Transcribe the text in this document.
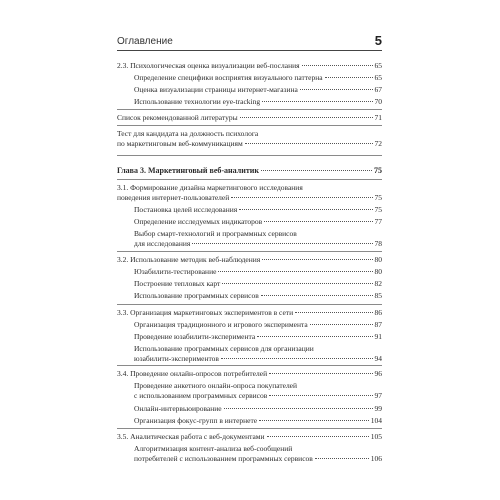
Оглавление	5
2.3. Психологическая оценка визуализации веб-послания	65
Определение специфики восприятия визуального паттерна	65
Оценка визуализации страницы интернет-магазина	67
Использование технологии eye-tracking	70
Список рекомендованной литературы	71
Тест для кандидата на должность психолога
по маркетинговым веб-коммуникациям	72
Глава 3. Маркетинговый веб-аналитик	75
3.1. Формирование дизайна маркетингового исследования
поведения интернет-пользователей	75
Постановка целей исследования	75
Определение исследуемых индикаторов	77
Выбор смарт-технологий и программных сервисов
для исследования	78
3.2. Использование методик веб-наблюдения	80
Юзабилити-тестирование	80
Построение тепловых карт	82
Использование программных сервисов	85
3.3. Организация маркетинговых экспериментов в сети	86
Организация традиционного и игрового эксперимента	87
Проведение юзабилити-эксперимента	91
Использование программных сервисов для организации
юзабилити-экспериментов	94
3.4. Проведение онлайн-опросов потребителей	96
Проведение анкетного онлайн-опроса покупателей
с использованием программных сервисов	97
Онлайн-интервьюирование	99
Организация фокус-групп в интернете	104
3.5. Аналитическая работа с веб-документами	105
Алгоритмизация контент-анализа веб-сообщений
потребителей с использованием программных сервисов	106
